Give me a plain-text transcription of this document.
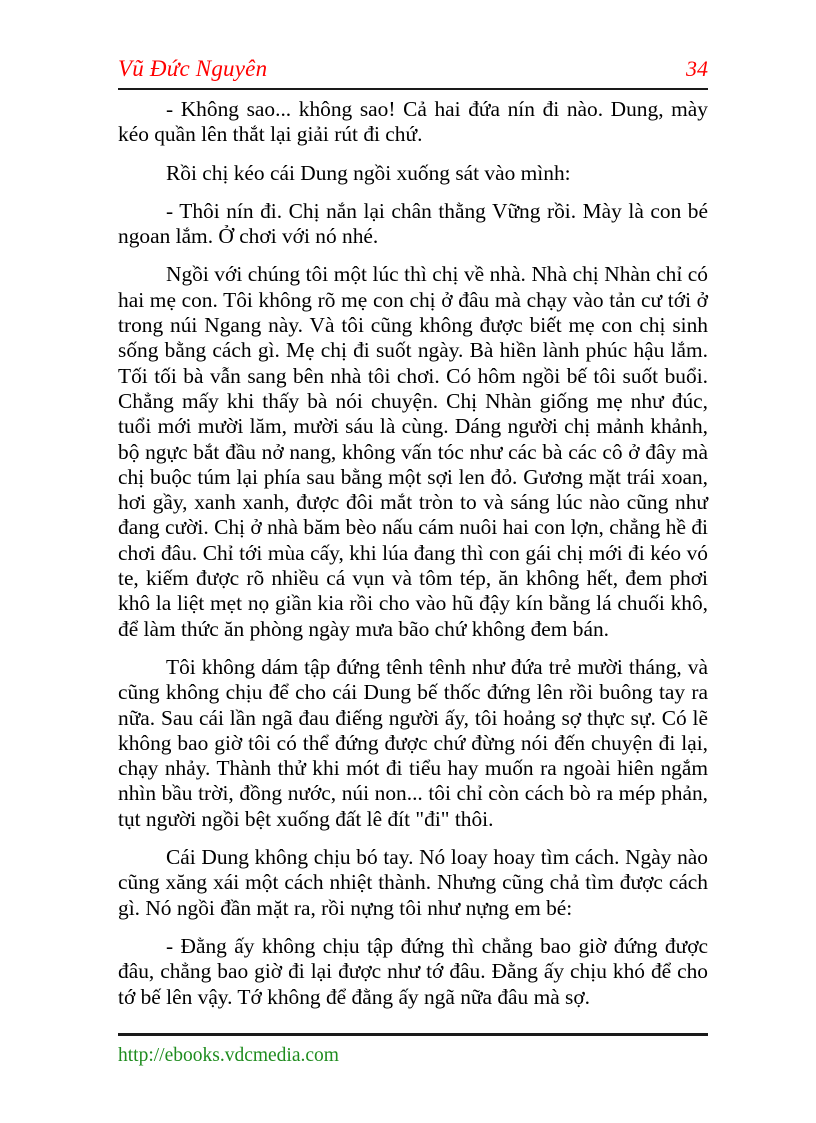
Vũ Đức Nguyên	34

- Không sao... không sao! Cả hai đứa nín đi nào. Dung, mày kéo quần lên thắt lại giải rút đi chứ.

Rồi chị kéo cái Dung ngồi xuống sát vào mình:

- Thôi nín đi. Chị nắn lại chân thằng Vững rồi. Mày là con bé ngoan lắm. Ở chơi với nó nhé.

Ngồi với chúng tôi một lúc thì chị về nhà. Nhà chị Nhàn chỉ có hai mẹ con. Tôi không rõ mẹ con chị ở đâu mà chạy vào tản cư tới ở trong núi Ngang này. Và tôi cũng không được biết mẹ con chị sinh sống bằng cách gì. Mẹ chị đi suốt ngày. Bà hiền lành phúc hậu lắm. Tối tối bà vẫn sang bên nhà tôi chơi. Có hôm ngồi bế tôi suốt buổi. Chẳng mấy khi thấy bà nói chuyện. Chị Nhàn giống mẹ như đúc, tuổi mới mười lăm, mười sáu là cùng. Dáng người chị mảnh khảnh, bộ ngực bắt đầu nở nang, không vấn tóc như các bà các cô ở đây mà chị buộc túm lại phía sau bằng một sợi len đỏ. Gương mặt trái xoan, hơi gầy, xanh xanh, được đôi mắt tròn to và sáng lúc nào cũng như đang cười. Chị ở nhà băm bèo nấu cám nuôi hai con lợn, chẳng hề đi chơi đâu. Chỉ tới mùa cấy, khi lúa đang thì con gái chị mới đi kéo vó te, kiếm được rõ nhiều cá vụn và tôm tép, ăn không hết, đem phơi khô la liệt mẹt nọ giần kia rồi cho vào hũ đậy kín bằng lá chuối khô, để làm thức ăn phòng ngày mưa bão chứ không đem bán.

Tôi không dám tập đứng tênh tênh như đứa trẻ mười tháng, và cũng không chịu để cho cái Dung bế thốc đứng lên rồi buông tay ra nữa. Sau cái lần ngã đau điếng người ấy, tôi hoảng sợ thực sự. Có lẽ không bao giờ tôi có thể đứng được chứ đừng nói đến chuyện đi lại, chạy nhảy. Thành thử khi mót đi tiểu hay muốn ra ngoài hiên ngắm nhìn bầu trời, đồng nước, núi non... tôi chỉ còn cách bò ra mép phản, tụt người ngồi bệt xuống đất lê đít "đi" thôi.

Cái Dung không chịu bó tay. Nó loay hoay tìm cách. Ngày nào cũng xăng xái một cách nhiệt thành. Nhưng cũng chả tìm được cách gì. Nó ngồi đần mặt ra, rồi nựng tôi như nựng em bé:

- Đằng ấy không chịu tập đứng thì chẳng bao giờ đứng được đâu, chẳng bao giờ đi lại được như tớ đâu. Đằng ấy chịu khó để cho tớ bế lên vậy. Tớ không để đằng ấy ngã nữa đâu mà sợ.

http://ebooks.vdcmedia.com
